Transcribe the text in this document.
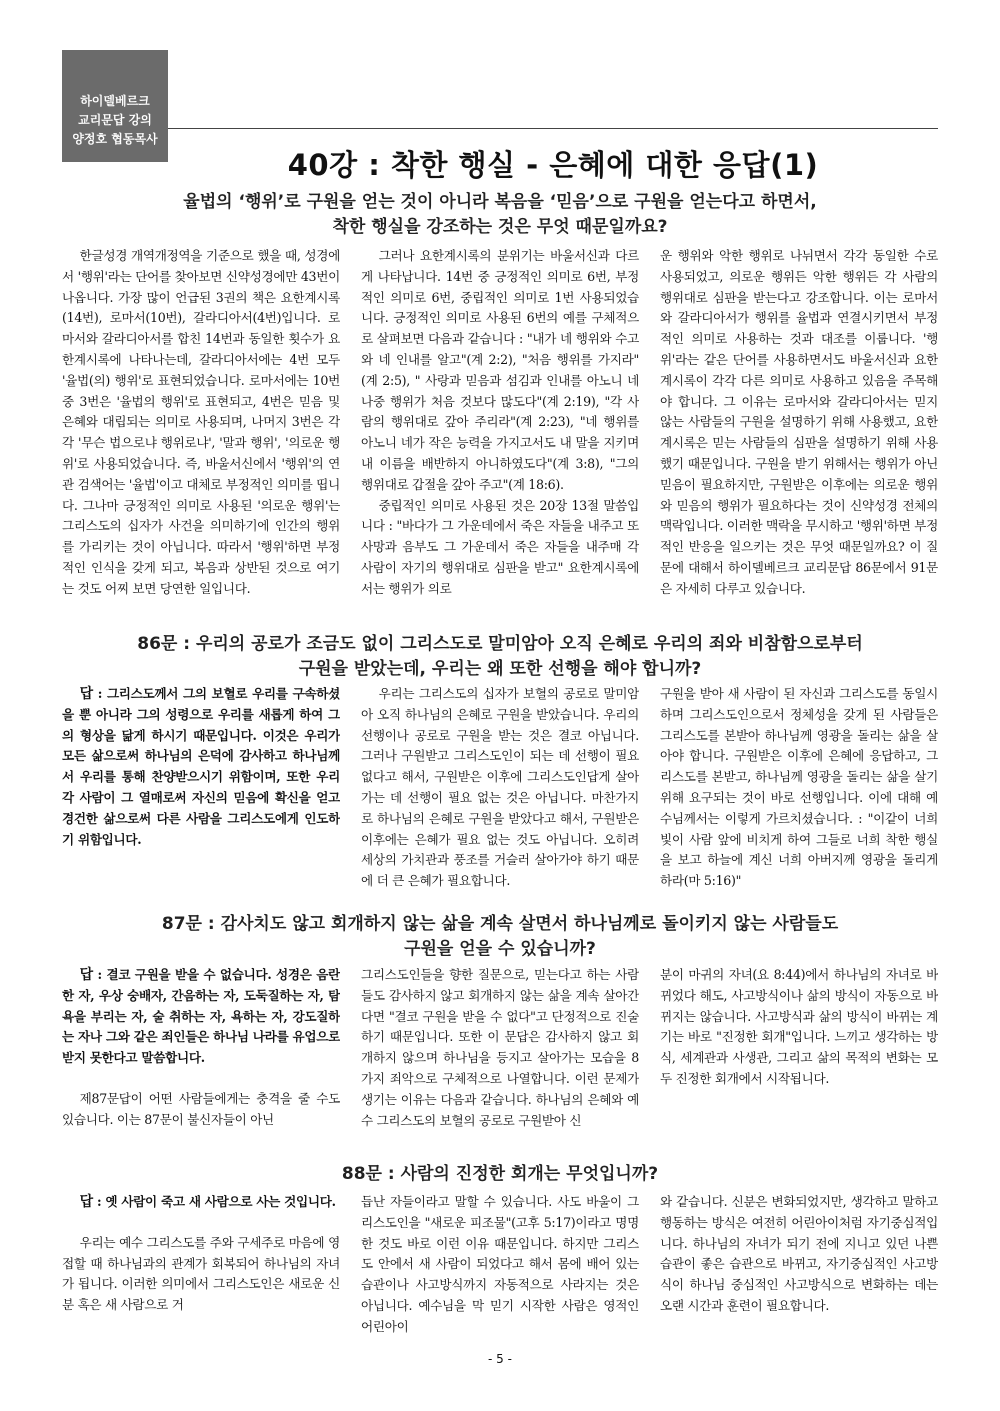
하이델베르크
교리문답 강의
양정호 협동목사
40강 : 착한 행실 - 은혜에 대한 응답(1)
율법의 ‘행위’로 구원을 얻는 것이 아니라 복음을 ‘믿음’으로 구원을 얻는다고 하면서,
착한 행실을 강조하는 것은 무엇 때문일까요?

한글성경 개역개정역을 기준으로 했을 때, 성경에서 '행위'라는 단어를 찾아보면 신약성경에만 43번이 나옵니다. 가장 많이 언급된 3권의 책은 요한계시록(14번), 로마서(10번), 갈라디아서(4번)입니다. 로마서와 갈라디아서를 합친 14번과 동일한 횟수가 요한계시록에 나타나는데, 갈라디아서에는 4번 모두 '율법(의) 행위'로 표현되었습니다. 로마서에는 10번 중 3번은 '율법의 행위'로 표현되고, 4번은 믿음 및 은혜와 대립되는 의미로 사용되며, 나머지 3번은 각각 '무슨 법으로냐 행위로냐', '말과 행위', '의로운 행위'로 사용되었습니다. 즉, 바울서신에서 '행위'의 연관 검색어는 '율법'이고 대체로 부정적인 의미를 띱니다. 그나마 긍정적인 의미로 사용된 '의로운 행위'는 그리스도의 십자가 사건을 의미하기에 인간의 행위를 가리키는 것이 아닙니다. 따라서 '행위'하면 부정적인 인식을 갖게 되고, 복음과 상반된 것으로 여기는 것도 어찌 보면 당연한 일입니다.

그러나 요한계시록의 분위기는 바울서신과 다르게 나타납니다. 14번 중 긍정적인 의미로 6번, 부정적인 의미로 6번, 중립적인 의미로 1번 사용되었습니다. 긍정적인 의미로 사용된 6번의 예를 구체적으로 살펴보면 다음과 같습니다 : "내가 네 행위와 수고와 네 인내를 알고"(계 2:2), "처음 행위를 가지라"(계 2:5), " 사랑과 믿음과 섬김과 인내를 아노니 네 나중 행위가 처음 것보다 많도다"(계 2:19), "각 사람의 행위대로 갚아 주리라"(계 2:23), "네 행위를 아노니 네가 작은 능력을 가지고서도 내 말을 지키며 내 이름을 배반하지 아니하였도다"(계 3:8), "그의 행위대로 갑절을 갚아 주고"(계 18:6).

중립적인 의미로 사용된 것은 20장 13절 말씀입니다 : "바다가 그 가운데에서 죽은 자들을 내주고 또 사망과 음부도 그 가운데서 죽은 자들을 내주매 각 사람이 자기의 행위대로 심판을 받고" 요한계시록에서는 행위가 의로

운 행위와 악한 행위로 나뉘면서 각각 동일한 수로 사용되었고, 의로운 행위든 악한 행위든 각 사람의 행위대로 심판을 받는다고 강조합니다. 이는 로마서와 갈라디아서가 행위를 율법과 연결시키면서 부정적인 의미로 사용하는 것과 대조를 이룹니다. '행위'라는 같은 단어를 사용하면서도 바울서신과 요한계시록이 각각 다른 의미로 사용하고 있음을 주목해야 합니다. 그 이유는 로마서와 갈라디아서는 믿지 않는 사람들의 구원을 설명하기 위해 사용했고, 요한계시록은 믿는 사람들의 심판을 설명하기 위해 사용했기 때문입니다. 구원을 받기 위해서는 행위가 아닌 믿음이 필요하지만, 구원받은 이후에는 의로운 행위와 믿음의 행위가 필요하다는 것이 신약성경 전체의 맥락입니다. 이러한 맥락을 무시하고 '행위'하면 부정적인 반응을 일으키는 것은 무엇 때문일까요? 이 질문에 대해서 하이델베르크 교리문답 86문에서 91문은 자세히 다루고 있습니다.

86문 : 우리의 공로가 조금도 없이 그리스도로 말미암아 오직 은혜로 우리의 죄와 비참함으로부터
구원을 받았는데, 우리는 왜 또한 선행을 해야 합니까?

답 : 그리스도께서 그의 보혈로 우리를 구속하셨을 뿐 아니라 그의 성령으로 우리를 새롭게 하여 그의 형상을 닮게 하시기 때문입니다. 이것은 우리가 모든 삶으로써 하나님의 은덕에 감사하고 하나님께서 우리를 통해 찬양받으시기 위함이며, 또한 우리 각 사람이 그 열매로써 자신의 믿음에 확신을 얻고 경건한 삶으로써 다른 사람을 그리스도에게 인도하기 위함입니다.

우리는 그리스도의 십자가 보혈의 공로로 말미암아 오직 하나님의 은혜로 구원을 받았습니다. 우리의 선행이나 공로로 구원을 받는 것은 결코 아닙니다. 그러나 구원받고 그리스도인이 되는 데 선행이 필요 없다고 해서, 구원받은 이후에 그리스도인답게 살아가는 데 선행이 필요 없는 것은 아닙니다. 마찬가지로 하나님의 은혜로 구원을 받았다고 해서, 구원받은 이후에는 은혜가 필요 없는 것도 아닙니다. 오히려 세상의 가치관과 풍조를 거슬러 살아가야 하기 때문에 더 큰 은혜가 필요합니다.

구원을 받아 새 사람이 된 자신과 그리스도를 동일시하며 그리스도인으로서 정체성을 갖게 된 사람들은 그리스도를 본받아 하나님께 영광을 돌리는 삶을 살아야 합니다. 구원받은 이후에 은혜에 응답하고, 그리스도를 본받고, 하나님께 영광을 돌리는 삶을 살기 위해 요구되는 것이 바로 선행입니다. 이에 대해 예수님께서는 이렇게 가르치셨습니다. : "이같이 너희 빛이 사람 앞에 비치게 하여 그들로 너희 착한 행실을 보고 하늘에 계신 너희 아버지께 영광을 돌리게 하라(마 5:16)"

87문 : 감사치도 않고 회개하지 않는 삶을 계속 살면서 하나님께로 돌이키지 않는 사람들도
구원을 얻을 수 있습니까?

답 : 결코 구원을 받을 수 없습니다. 성경은 음란한 자, 우상 숭배자, 간음하는 자, 도둑질하는 자, 탐욕을 부리는 자, 술 취하는 자, 욕하는 자, 강도질하는 자나 그와 같은 죄인들은 하나님 나라를 유업으로 받지 못한다고 말씀합니다.

제87문답이 어떤 사람들에게는 충격을 줄 수도 있습니다. 이는 87문이 불신자들이 아닌

그리스도인들을 향한 질문으로, 믿는다고 하는 사람들도 감사하지 않고 회개하지 않는 삶을 계속 살아간다면 "결코 구원을 받을 수 없다"고 단정적으로 진술하기 때문입니다. 또한 이 문답은 감사하지 않고 회개하지 않으며 하나님을 등지고 살아가는 모습을 8가지 죄악으로 구체적으로 나열합니다. 이런 문제가 생기는 이유는 다음과 같습니다. 하나님의 은혜와 예수 그리스도의 보혈의 공로로 구원받아 신

분이 마귀의 자녀(요 8:44)에서 하나님의 자녀로 바뀌었다 해도, 사고방식이나 삶의 방식이 자동으로 바뀌지는 않습니다. 사고방식과 삶의 방식이 바뀌는 계기는 바로 "진정한 회개"입니다. 느끼고 생각하는 방식, 세계관과 사생관, 그리고 삶의 목적의 변화는 모두 진정한 회개에서 시작됩니다.

88문 : 사람의 진정한 회개는 무엇입니까?

답 : 옛 사람이 죽고 새 사람으로 사는 것입니다.

우리는 예수 그리스도를 주와 구세주로 마음에 영접할 때 하나님과의 관계가 회복되어 하나님의 자녀가 됩니다. 이러한 의미에서 그리스도인은 새로운 신분 혹은 새 사람으로 거

듭난 자들이라고 말할 수 있습니다. 사도 바울이 그리스도인을 "새로운 피조물"(고후 5:17)이라고 명명한 것도 바로 이런 이유 때문입니다. 하지만 그리스도 안에서 새 사람이 되었다고 해서 몸에 배어 있는 습관이나 사고방식까지 자동적으로 사라지는 것은 아닙니다. 예수님을 막 믿기 시작한 사람은 영적인 어린아이

와 같습니다. 신분은 변화되었지만, 생각하고 말하고 행동하는 방식은 여전히 어린아이처럼 자기중심적입니다. 하나님의 자녀가 되기 전에 지니고 있던 나쁜 습관이 좋은 습관으로 바뀌고, 자기중심적인 사고방식이 하나님 중심적인 사고방식으로 변화하는 데는 오랜 시간과 훈련이 필요합니다.

- 5 -
